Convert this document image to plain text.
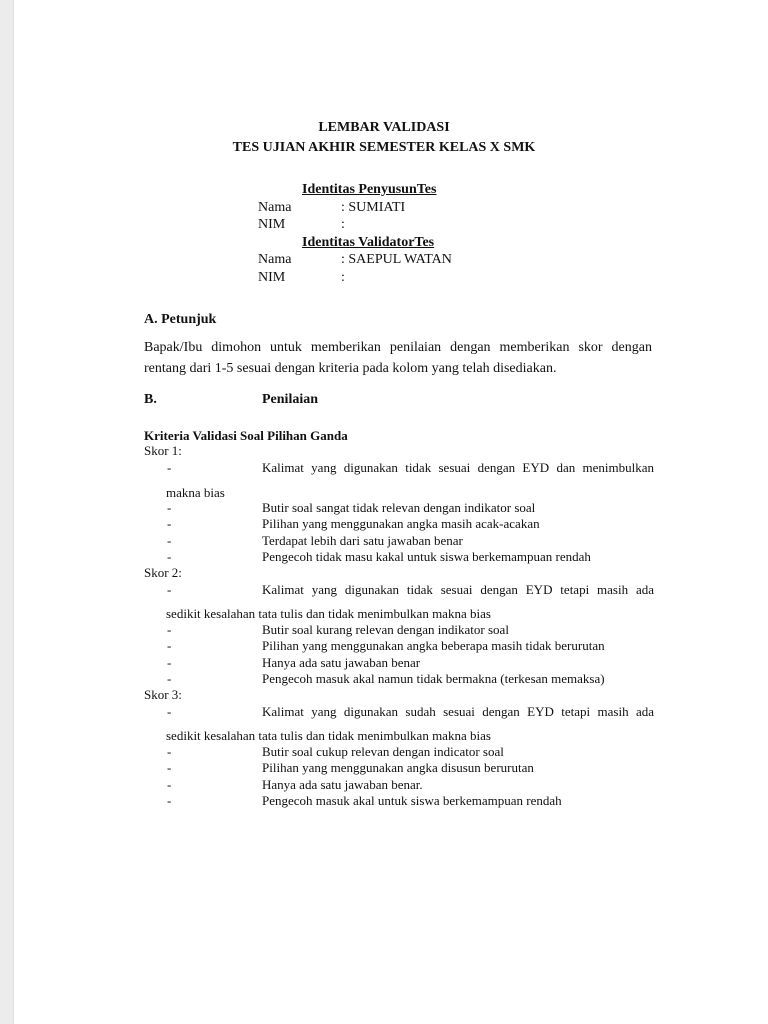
LEMBAR VALIDASI
TES UJIAN AKHIR SEMESTER KELAS X SMK
Identitas PenyusunTes
Nama	: SUMIATI
NIM	:
Identitas ValidatorTes
Nama	: SAEPUL WATAN
NIM	:
A. Petunjuk
Bapak/Ibu dimohon untuk memberikan penilaian dengan memberikan skor dengan rentang dari 1-5 sesuai dengan kriteria pada kolom yang telah disediakan.
B.	Penilaian
Kriteria Validasi Soal Pilihan Ganda
Skor 1:
-	Kalimat yang digunakan tidak sesuai dengan EYD dan menimbulkan
makna bias
-	Butir soal sangat tidak relevan dengan indikator soal
-	Pilihan yang menggunakan angka masih acak-acakan
-	Terdapat lebih dari satu jawaban benar
-	Pengecoh tidak masu kakal untuk siswa berkemampuan rendah
Skor 2:
-	Kalimat yang digunakan tidak sesuai dengan EYD tetapi masih ada
sedikit kesalahan tata tulis dan tidak menimbulkan makna bias
-	Butir soal kurang relevan dengan indikator soal
-	Pilihan yang menggunakan angka beberapa masih tidak berurutan
-	Hanya ada satu jawaban benar
-	Pengecoh masuk akal namun tidak bermakna (terkesan memaksa)
Skor 3:
-	Kalimat yang digunakan sudah sesuai dengan EYD tetapi masih ada
sedikit kesalahan tata tulis dan tidak menimbulkan makna bias
-	Butir soal cukup relevan dengan indicator soal
-	Pilihan yang menggunakan angka disusun berurutan
-	Hanya ada satu jawaban benar.
-	Pengecoh masuk akal untuk siswa berkemampuan rendah
